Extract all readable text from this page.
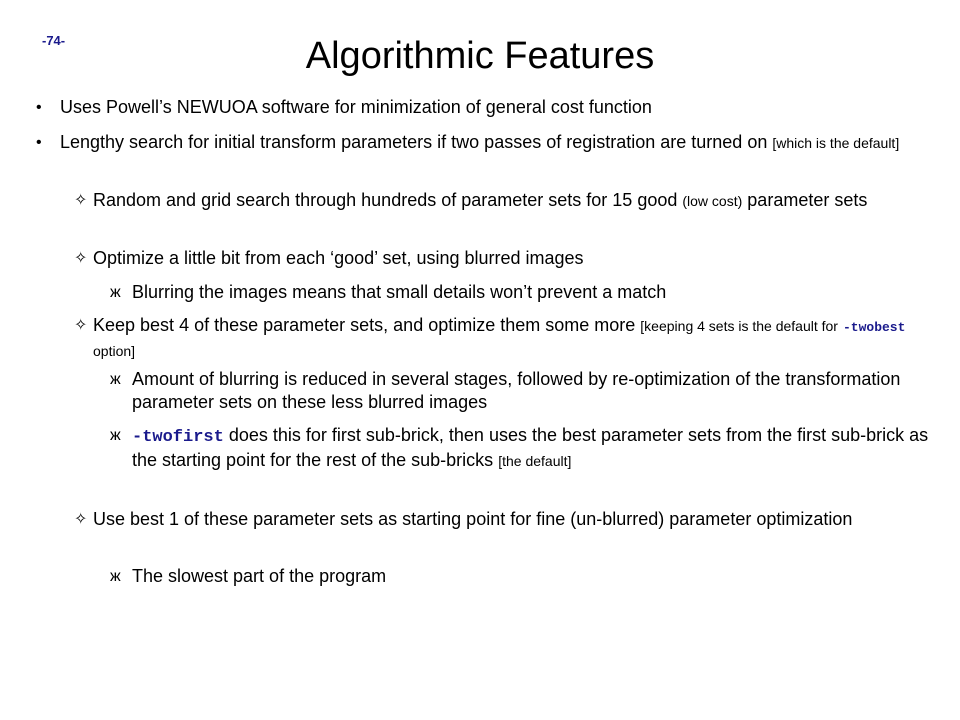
-74-	Algorithmic Features
• Uses Powell’s NEWUOA software for minimization of general cost function
• Lengthy search for initial transform parameters if two passes of registration are turned on [which is the default]
✧ Random and grid search through hundreds of parameter sets for 15 good (low cost) parameter sets
✧ Optimize a little bit from each ‘good’ set, using blurred images
ж Blurring the images means that small details won’t prevent a match
✧ Keep best 4 of these parameter sets, and optimize them some more [keeping 4 sets is the default for -twobest option]
ж Amount of blurring is reduced in several stages, followed by re-optimization of the transformation parameter sets on these less blurred images
ж -twofirst does this for first sub-brick, then uses the best parameter sets from the first sub-brick as the starting point for the rest of the sub-bricks [the default]
✧ Use best 1 of these parameter sets as starting point for fine (un-blurred) parameter optimization
ж The slowest part of the program
